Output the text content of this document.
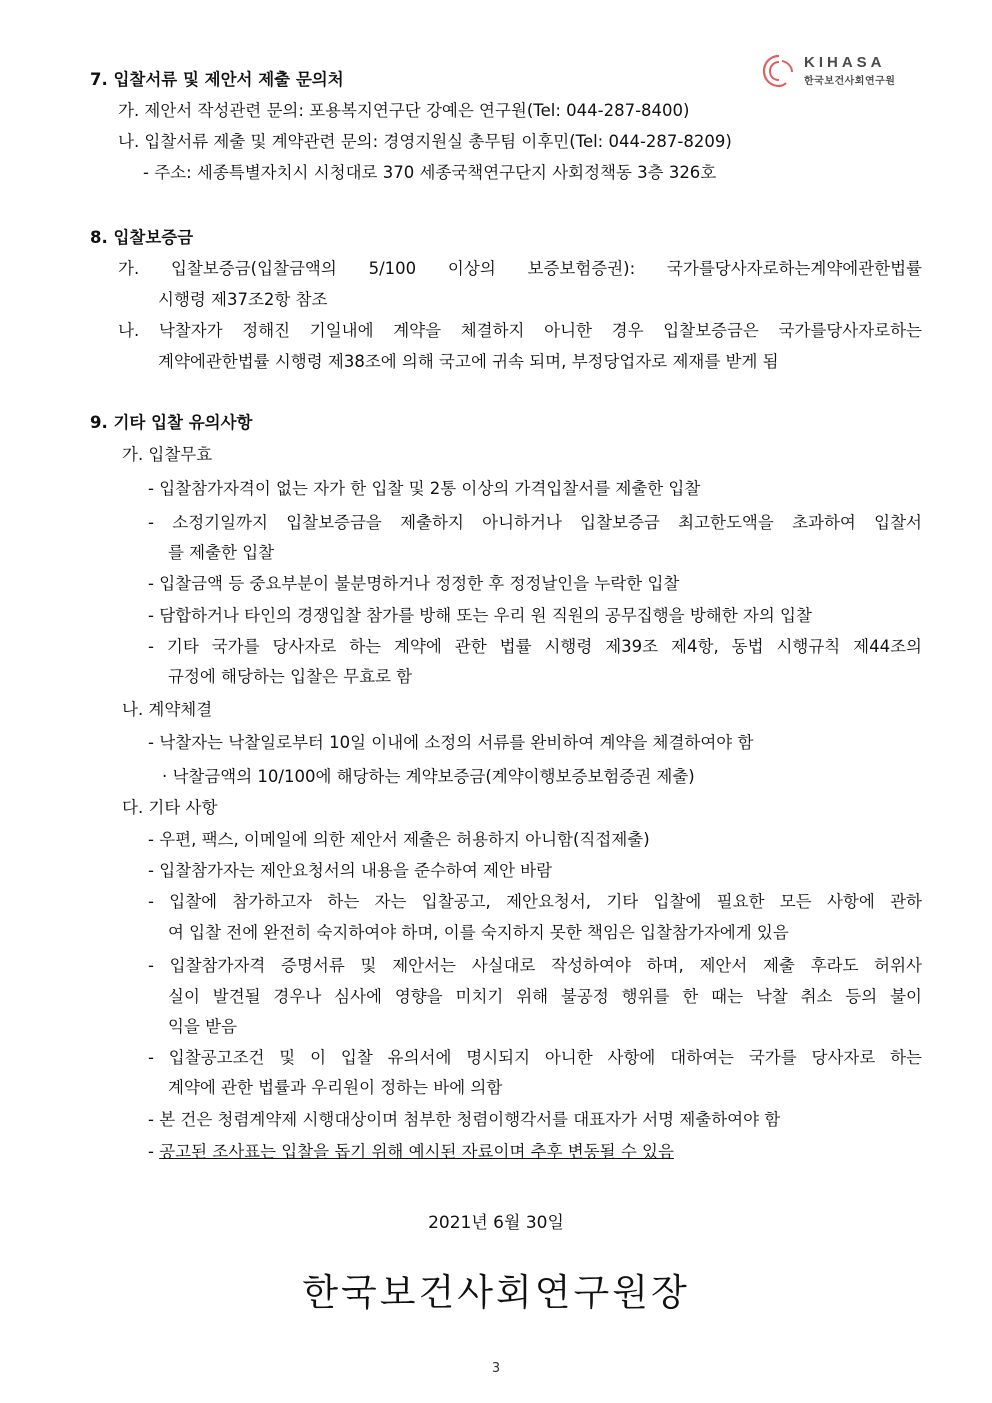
KIHASA
한국보건사회연구원
7. 입찰서류 및 제안서 제출 문의처
가. 제안서 작성관련 문의: 포용복지연구단 강예은 연구원(Tel: 044-287-8400)
나. 입찰서류 제출 및 계약관련 문의: 경영지원실 총무팀 이후민(Tel: 044-287-8209)
- 주소: 세종특별자치시 시청대로 370 세종국책연구단지 사회정책동 3층 326호
8. 입찰보증금
가. 입찰보증금(입찰금액의 5/100 이상의 보증보험증권): 국가를당사자로하는계약에관한법률
시행령 제37조2항 참조
나. 낙찰자가 정해진 기일내에 계약을 체결하지 아니한 경우 입찰보증금은 국가를당사자로하는
계약에관한법률 시행령 제38조에 의해 국고에 귀속 되며, 부정당업자로 제재를 받게 됨
9. 기타 입찰 유의사항
가. 입찰무효
- 입찰참가자격이 없는 자가 한 입찰 및 2통 이상의 가격입찰서를 제출한 입찰
- 소정기일까지 입찰보증금을 제출하지 아니하거나 입찰보증금 최고한도액을 초과하여 입찰서
를 제출한 입찰
- 입찰금액 등 중요부분이 불분명하거나 정정한 후 정정날인을 누락한 입찰
- 담합하거나 타인의 경쟁입찰 참가를 방해 또는 우리 원 직원의 공무집행을 방해한 자의 입찰
- 기타 국가를 당사자로 하는 계약에 관한 법률 시행령 제39조 제4항, 동법 시행규칙 제44조의
규정에 해당하는 입찰은 무효로 함
나. 계약체결
- 낙찰자는 낙찰일로부터 10일 이내에 소정의 서류를 완비하여 계약을 체결하여야 함
· 낙찰금액의 10/100에 해당하는 계약보증금(계약이행보증보험증권 제출)
다. 기타 사항
- 우편, 팩스, 이메일에 의한 제안서 제출은 허용하지 아니함(직접제출)
- 입찰참가자는 제안요청서의 내용을 준수하여 제안 바람
- 입찰에 참가하고자 하는 자는 입찰공고, 제안요청서, 기타 입찰에 필요한 모든 사항에 관하
여 입찰 전에 완전히 숙지하여야 하며, 이를 숙지하지 못한 책임은 입찰참가자에게 있음
- 입찰참가자격 증명서류 및 제안서는 사실대로 작성하여야 하며, 제안서 제출 후라도 허위사
실이 발견될 경우나 심사에 영향을 미치기 위해 불공정 행위를 한 때는 낙찰 취소 등의 불이
익을 받음
- 입찰공고조건 및 이 입찰 유의서에 명시되지 아니한 사항에 대하여는 국가를 당사자로 하는
계약에 관한 법률과 우리원이 정하는 바에 의함
- 본 건은 청렴계약제 시행대상이며 첨부한 청렴이행각서를 대표자가 서명 제출하여야 함
- 공고된 조사표는 입찰을 돕기 위해 예시된 자료이며 추후 변동될 수 있음
2021년 6월 30일
한국보건사회연구원장
3
